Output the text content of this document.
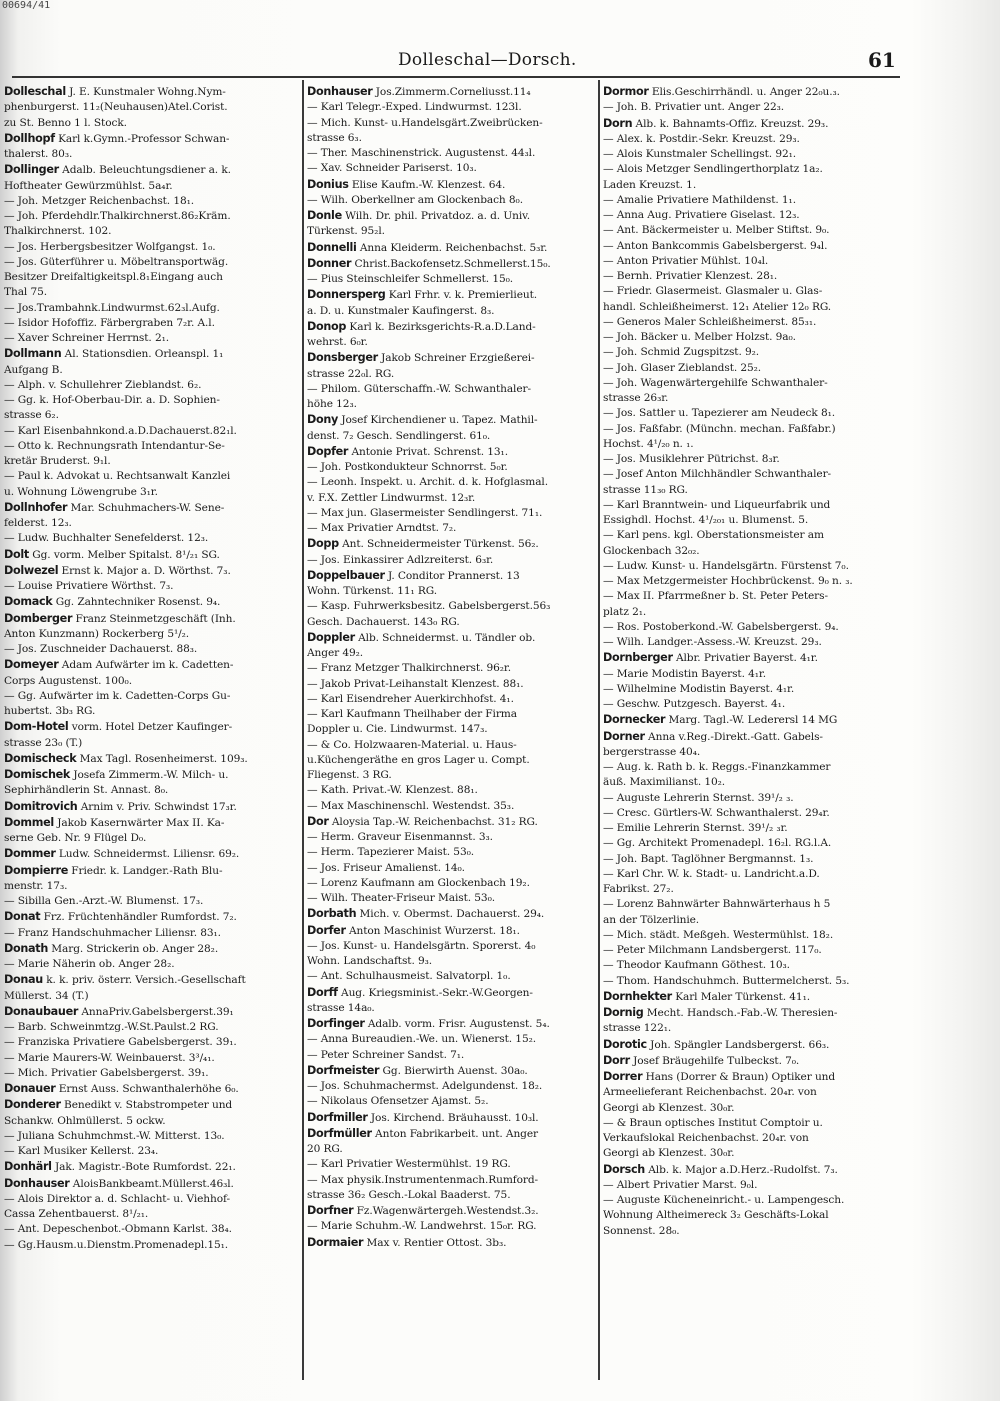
00694/41
Dolleschal—Dorsch.	61
Dolleschal J. E. Kunstmaler Wohng.Nym-
phenburgerst. 11₂(Neuhausen)Atel.Corist.
zu St. Benno 1 l. Stock.
Dollhopf Karl k.Gymn.-Professor Schwan-
thalerst. 80₃.
Dollinger Adalb. Beleuchtungsdiener a. k.
Hoftheater Gewürzmühlst. 5a₄r.
— Joh. Metzger Reichenbachst. 18₁.
— Joh. Pferdehdlr.Thalkirchnerst.86₂Kräm.
Thalkirchnerst. 102.
— Jos. Herbergsbesitzer Wolfgangst. 1₀.
— Jos. Güterführer u. Möbeltransportwäg.
Besitzer Dreifaltigkeitspl.8₁Eingang auch
Thal 75.
— Jos.Trambahnk.Lindwurmst.62₃l.Aufg.
— Isidor Hofoffiz. Färbergraben 7₂r. A.l.
— Xaver Schreiner Herrnst. 2₁.
Dollmann Al. Stationsdien. Orleanspl. 1₁
Aufgang B.
— Alph. v. Schullehrer Zieblandst. 6₂.
— Gg. k. Hof-Oberbau-Dir. a. D. Sophien-
strasse 6₂.
— Karl Eisenbahnkond.a.D.Dachauerst.82₁l.
— Otto k. Rechnungsrath Intendantur-Se-
kretär Bruderst. 9₁l.
— Paul k. Advokat u. Rechtsanwalt Kanzlei
u. Wohnung Löwengrube 3₁r.
Dollnhofer Mar. Schuhmachers-W. Sene-
felderst. 12₃.
— Ludw. Buchhalter Senefelderst. 12₃.
Dolt Gg. vorm. Melber Spitalst. 8¹/₂₁ SG.
Dolwezel Ernst k. Major a. D. Wörthst. 7₃.
— Louise Privatiere Wörthst. 7₃.
Domack Gg. Zahntechniker Rosenst. 9₄.
Domberger Franz Steinmetzgeschäft (Inh.
Anton Kunzmann) Rockerberg 5¹/₂.
— Jos. Zuschneider Dachauerst. 88₃.
Domeyer Adam Aufwärter im k. Cadetten-
Corps Augustenst. 100₀.
— Gg. Aufwärter im k. Cadetten-Corps Gu-
hubertst. 3b₃ RG.
Dom-Hotel vorm. Hotel Detzer Kaufinger-
strasse 23₀ (T.)
Domischeck Max Tagl. Rosenheimerst. 109₃.
Domischek Josefa Zimmerm.-W. Milch- u.
Sephirhändlerin St. Annast. 8₀.
Domitrovich Arnim v. Priv. Schwindst 17₃r.
Dommel Jakob Kasernwärter Max II. Ka-
serne Geb. Nr. 9 Flügel D₀.
Dommer Ludw. Schneidermst. Liliensr. 69₂.
Dompierre Friedr. k. Landger.-Rath Blu-
menstr. 17₃.
— Sibilla Gen.-Arzt.-W. Blumenst. 17₃.
Donat Frz. Früchtenhändler Rumfordst. 7₂.
— Franz Handschuhmacher Liliensr. 83₁.
Donath Marg. Strickerin ob. Anger 28₂.
— Marie Näherin ob. Anger 28₂.
Donau k. k. priv. österr. Versich.-Gesellschaft
Müllerst. 34 (T.)
Donaubauer AnnaPriv.Gabelsbergerst.39₁
— Barb. Schweinmtzg.-W.St.Paulst.2 RG.
— Franziska Privatiere Gabelsbergerst. 39₁.
— Marie Maurers-W. Weinbauerst. 3³/₄₁.
— Mich. Privatier Gabelsbergerst. 39₁.
Donauer Ernst Auss. Schwanthalerhöhe 6₀.
Donderer Benedikt v. Stabstrompeter und
Schankw. Ohlmüllerst. 5 ockw.
— Juliana Schuhmchmst.-W. Mitterst. 13₀.
— Karl Musiker Kellerst. 23₄.
Donhärl Jak. Magistr.-Bote Rumfordst. 22₁.
Donhauser AloisBankbeamt.Müllerst.46₃l.
— Alois Direktor a. d. Schlacht- u. Viehhof-
Cassa Zehentbauerst. 8¹/₂₁.
— Ant. Depeschenbot.-Obmann Karlst. 38₄.
— Gg.Hausm.u.Dienstm.Promenadepl.15₁.
Donhauser Jos.Zimmerm.Corneliusst.11₄
— Karl Telegr.-Exped. Lindwurmst. 123l.
— Mich. Kunst- u.Handelsgärt.Zweibrücken-
strasse 6₃.
— Ther. Maschinenstrick. Augustenst. 44₃l.
— Xav. Schneider Pariserst. 10₃.
Donius Elise Kaufm.-W. Klenzest. 64.
— Wilh. Oberkellner am Glockenbach 8₀.
Donle Wilh. Dr. phil. Privatdoz. a. d. Univ.
Türkenst. 95₂l.
Donnelli Anna Kleiderm. Reichenbachst. 5₃r.
Donner Christ.Backofensetz.Schmellerst.15₀.
— Pius Steinschleifer Schmellerst. 15₀.
Donnersperg Karl Frhr. v. k. Premierlieut.
a. D. u. Kunstmaler Kaufingerst. 8₃.
Donop Karl k. Bezirksgerichts-R.a.D.Land-
wehrst. 6₀r.
Donsberger Jakob Schreiner Erzgießerei-
strasse 22₀l. RG.
— Philom. Güterschaffn.-W. Schwanthaler-
höhe 12₃.
Dony Josef Kirchendiener u. Tapez. Mathil-
denst. 7₂ Gesch. Sendlingerst. 61₀.
Dopfer Antonie Privat. Schrenst. 13₁.
— Joh. Postkonduktеur Schnorrst. 5₀r.
— Leonh. Inspekt. u. Archit. d. k. Hofglasmal.
v. F.X. Zettler Lindwurmst. 12₃r.
— Max jun. Glasermeister Sendlingerst. 71₁.
— Max Privatier Arndtst. 7₂.
Dopp Ant. Schneidermeister Türkenst. 56₂.
— Jos. Einkassirer Adlzreiterst. 6₃r.
Doppelbauer J. Conditor Prannerst. 13
Wohn. Türkenst. 11₁ RG.
— Kasp. Fuhrwerksbesitz. Gabelsbergerst.56₃
Gesch. Dachauerst. 143₀ RG.
Doppler Alb. Schneidermst. u. Tändler ob.
Anger 49₂.
— Franz Metzger Thalkirchnerst. 96₂r.
— Jakob Privat-Leihanstalt Klenzest. 88₁.
— Karl Eisendreher Auerkirchhofst. 4₁.
— Karl Kaufmann Theilhaber der Firma
Doppler u. Cie. Lindwurmst. 147₃.
— & Co. Holzwaaren-Material. u. Haus-
u.Küchengeräthe en gros Lager u. Compt.
Fliegenst. 3 RG.
— Kath. Privat.-W. Klenzest. 88₁.
— Max Maschinenschl. Westendst. 35₃.
Dor Aloysia Tap.-W. Reichenbachst. 31₂ RG.
— Herm. Graveur Eisenmannst. 3₃.
— Herm. Tapezierer Maist. 53₀.
— Jos. Friseur Amalienst. 14₀.
— Lorenz Kaufmann am Glockenbach 19₂.
— Wilh. Theater-Friseur Maist. 53₀.
Dorbath Mich. v. Obermst. Dachauerst. 29₄.
Dorfer Anton Maschinist Wurzerst. 18₁.
— Jos. Kunst- u. Handelsgärtn. Sporerst. 4₀
Wohn. Landschaftst. 9₃.
— Ant. Schulhausmeist. Salvatorpl. 1₀.
Dorff Aug. Kriegsminist.-Sekr.-W.Georgen-
strasse 14a₀.
Dorfinger Adalb. vorm. Frisr. Augustenst. 5₄.
— Anna Bureaudien.-We. un. Wienerst. 15₂.
— Peter Schreiner Sandst. 7₁.
Dorfmeister Gg. Bierwirth Auenst. 30a₀.
— Jos. Schuhmachermst. Adelgundenst. 18₂.
— Nikolaus Ofensetzer Ajamst. 5₂.
Dorfmiller Jos. Kirchend. Bräuhausst. 10₃l.
Dorfmüller Anton Fabrikarbeit. unt. Anger
20 RG.
— Karl Privatier Westermühlst. 19 RG.
— Max physik.Instrumentenmach.Rumford-
strasse 36₂ Gesch.-Lokal Baaderst. 75.
Dorfner Fz.Wagenwärtergeh.Westendst.3₂.
— Marie Schuhm.-W. Landwehrst. 15₀r. RG.
Dormaier Max v. Rentier Ottost. 3b₃.
Dormor Elis.Geschirrhändl. u. Anger 22₀u.₃.
— Joh. B. Privatier unt. Anger 22₃.
Dorn Alb. k. Bahnamts-Offiz. Kreuzst. 29₃.
— Alex. k. Postdir.-Sekr. Kreuzst. 29₃.
— Alois Kunstmaler Schellingst. 92₁.
— Alois Metzger Sendlingerthorplatz 1a₂.
Laden Kreuzst. 1.
— Amalie Privatiere Mathildenst. 1₁.
— Anna Aug. Privatiere Giselast. 12₃.
— Ant. Bäckermeister u. Melber Stiftst. 9₀.
— Anton Bankcommis Gabelsbergerst. 9₄l.
— Anton Privatier Mühlst. 10₄l.
— Bernh. Privatier Klenzest. 28₁.
— Friedr. Glasermeist. Glasmaler u. Glas-
handl. Schleißheimerst. 12₁ Atelier 12₀ RG.
— Generos Maler Schleißheimerst. 85₃₁.
— Joh. Bäcker u. Melber Holzst. 9a₀.
— Joh. Schmid Zugspitzst. 9₂.
— Joh. Glaser Zieblandst. 25₂.
— Joh. Wagenwärtergehilfe Schwanthaler-
strasse 26₃r.
— Jos. Sattler u. Tapezierer am Neudeck 8₁.
— Jos. Faßfabr. (Münchn. mechan. Faßfabr.)
Hochst. 4¹/₂₀ n. ₁.
— Jos. Musiklehrer Pütrichst. 8₃r.
— Josef Anton Milchhändler Schwanthaler-
strasse 11₃₀ RG.
— Karl Branntwein- und Liqueurfabrik und
Essighdl. Hochst. 4¹/₂₀₁ u. Blumenst. 5.
— Karl pens. kgl. Oberstationsmeister am
Glockenbach 32₀₂.
— Ludw. Kunst- u. Handelsgärtn. Fürstenst 7₀.
— Max Metzgermeister Hochbrückenst. 9₀ n. ₃.
— Max II. Pfarrmeßner b. St. Peter Peters-
platz 2₁.
— Ros. Postoberkond.-W. Gabelsbergerst. 9₄.
— Wilh. Landger.-Assess.-W. Kreuzst. 29₃.
Dornberger Albr. Privatier Bayerst. 4₁r.
— Marie Modistin Bayerst. 4₁r.
— Wilhelmine Modistin Bayerst. 4₁r.
— Geschw. Putzgesch. Bayerst. 4₁.
Dornecker Marg. Tagl.-W. Lederersl 14 MG
Dorner Anna v.Reg.-Direkt.-Gatt. Gabels-
bergerstrasse 40₄.
— Aug. k. Rath b. k. Reggs.-Finanzkammer
äuß. Maximilianst. 10₂.
— Auguste Lehrerin Sternst. 39¹/₂ ₃.
— Cresc. Gürtlers-W. Schwanthalerst. 29₄r.
— Emilie Lehrerin Sternst. 39¹/₂ ₃r.
— Gg. Architekt Promenadepl. 16₂l. RG.l.A.
— Joh. Bapt. Taglöhner Bergmannst. 1₃.
— Karl Chr. W. k. Stadt- u. Landricht.a.D.
Fabrikst. 27₂.
— Lorenz Bahnwärter Bahnwärterhaus h 5
an der Tölzerlinie.
— Mich. städt. Meßgeh. Westermühlst. 18₂.
— Peter Milchmann Landsbergerst. 117₀.
— Theodor Kaufmann Göthest. 10₃.
— Thom. Handschuhmch. Buttermelcherst. 5₃.
Dornhekter Karl Maler Türkenst. 41₁.
Dornig Mecht. Handsch.-Fab.-W. Theresien-
strasse 122₁.
Dorotic Joh. Spängler Landsbergerst. 66₃.
Dorr Josef Bräugehilfe Tulbeckst. 7₀.
Dorrer Hans (Dorrer & Braun) Optiker und
Armeelieferant Reichenbachst. 20₄r. von
Georgi ab Klenzest. 30₀r.
— & Braun optisches Institut Comptoir u.
Verkaufslokal Reichenbachst. 20₄r. von
Georgi ab Klenzest. 30₀r.
Dorsch Alb. k. Major a.D.Herz.-Rudolfst. 7₃.
— Albert Privatier Marst. 9₀l.
— Auguste Kücheneinricht.- u. Lampengesch.
Wohnung Altheimereck 3₂ Geschäfts-Lokal
Sonnenst. 28₀.
